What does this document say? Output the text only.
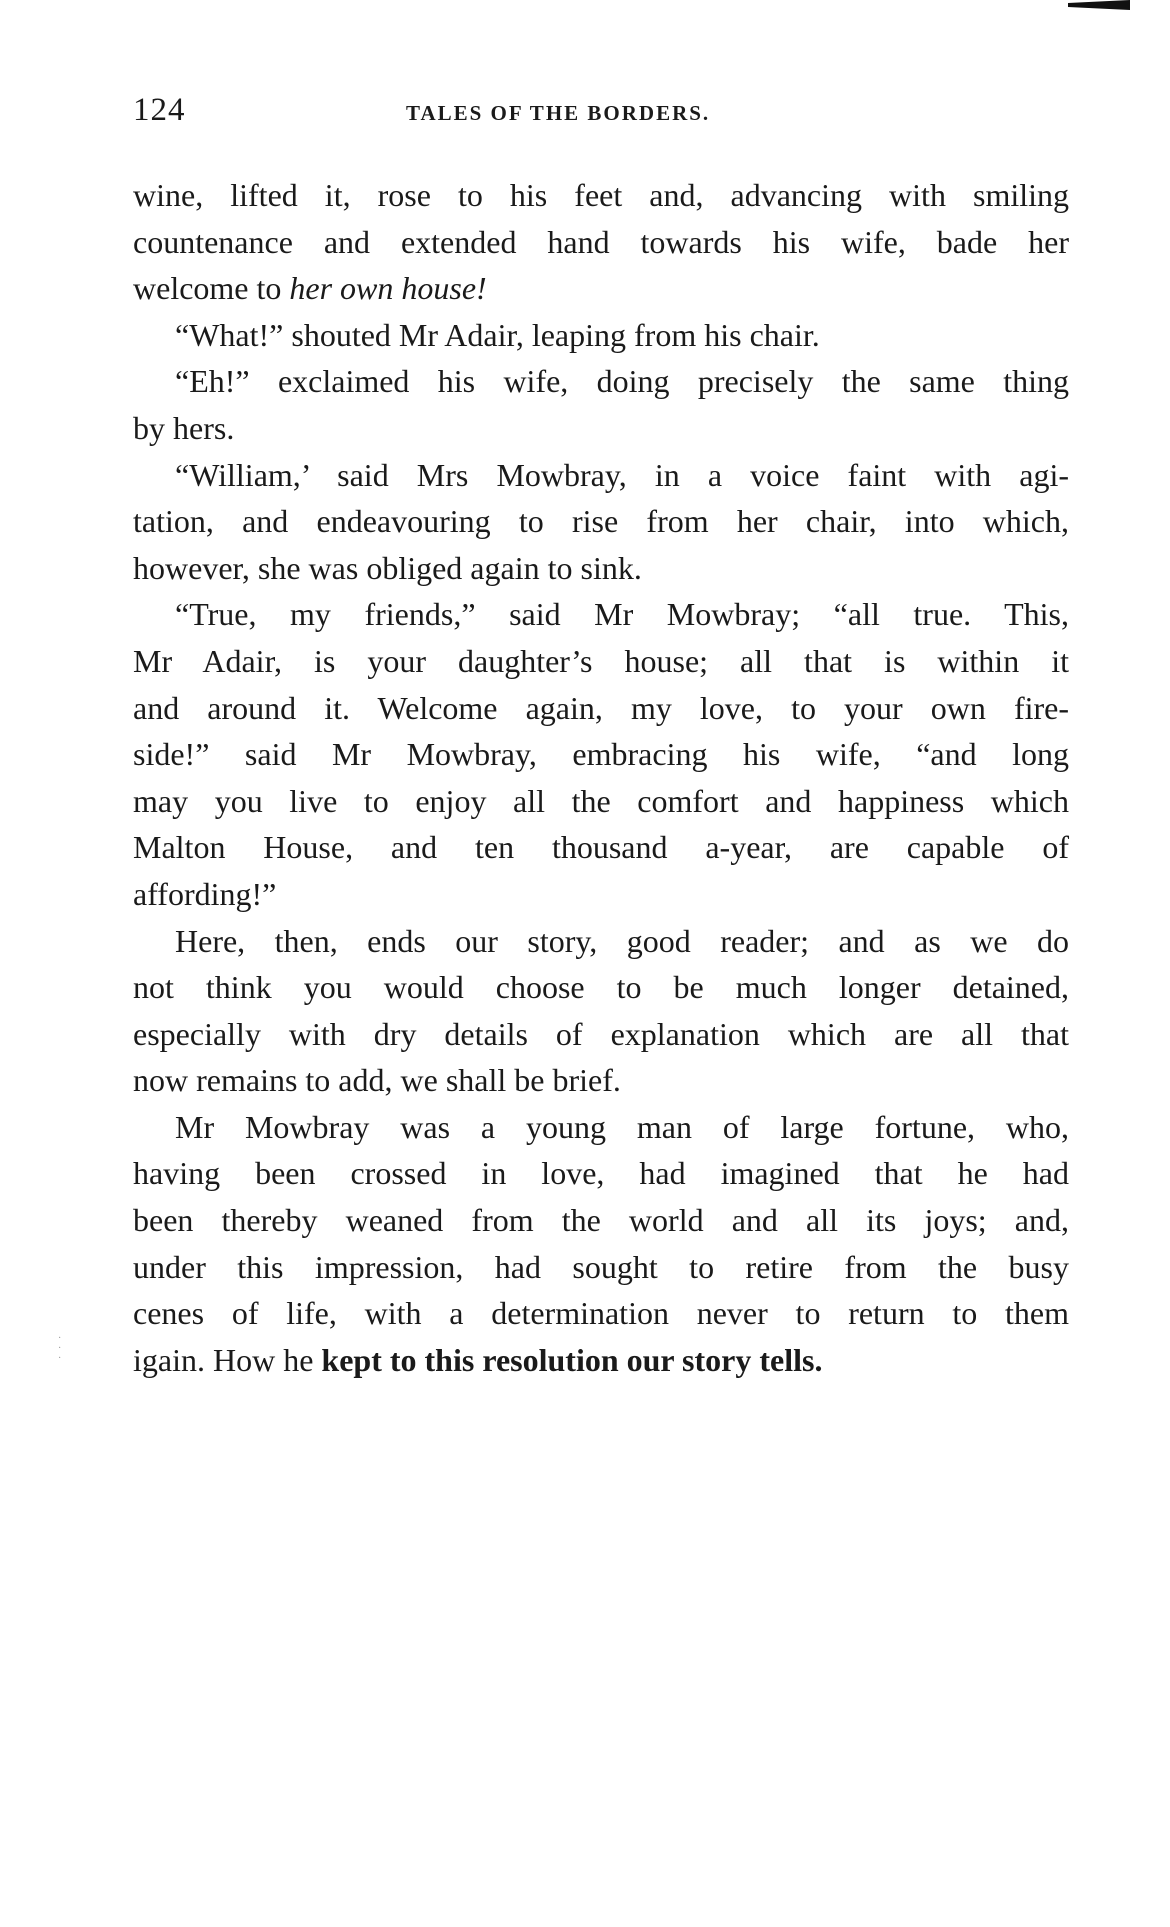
124	TALES OF THE BORDERS.
wine, lifted it, rose to his feet and, advancing with smiling
countenance and extended hand towards his wife, bade her
welcome to her own house!
“What!” shouted Mr Adair, leaping from his chair.
“Eh!” exclaimed his wife, doing precisely the same thing
by hers.
“William,’ said Mrs Mowbray, in a voice faint with agi-
tation, and endeavouring to rise from her chair, into which,
however, she was obliged again to sink.
“True, my friends,” said Mr Mowbray; “all true. This,
Mr Adair, is your daughter’s house; all that is within it
and around it. Welcome again, my love, to your own fire-
side!” said Mr Mowbray, embracing his wife, “and long
may you live to enjoy all the comfort and happiness which
Malton House, and ten thousand a-year, are capable of
affording!”
Here, then, ends our story, good reader; and as we do
not think you would choose to be much longer detained,
especially with dry details of explanation which are all that
now remains to add, we shall be brief.
Mr Mowbray was a young man of large fortune, who,
having been crossed in love, had imagined that he had
been thereby weaned from the world and all its joys; and,
under this impression, had sought to retire from the busy
cenes of life, with a determination never to return to them
igain. How he kept to this resolution our story tells.
·
·
·
